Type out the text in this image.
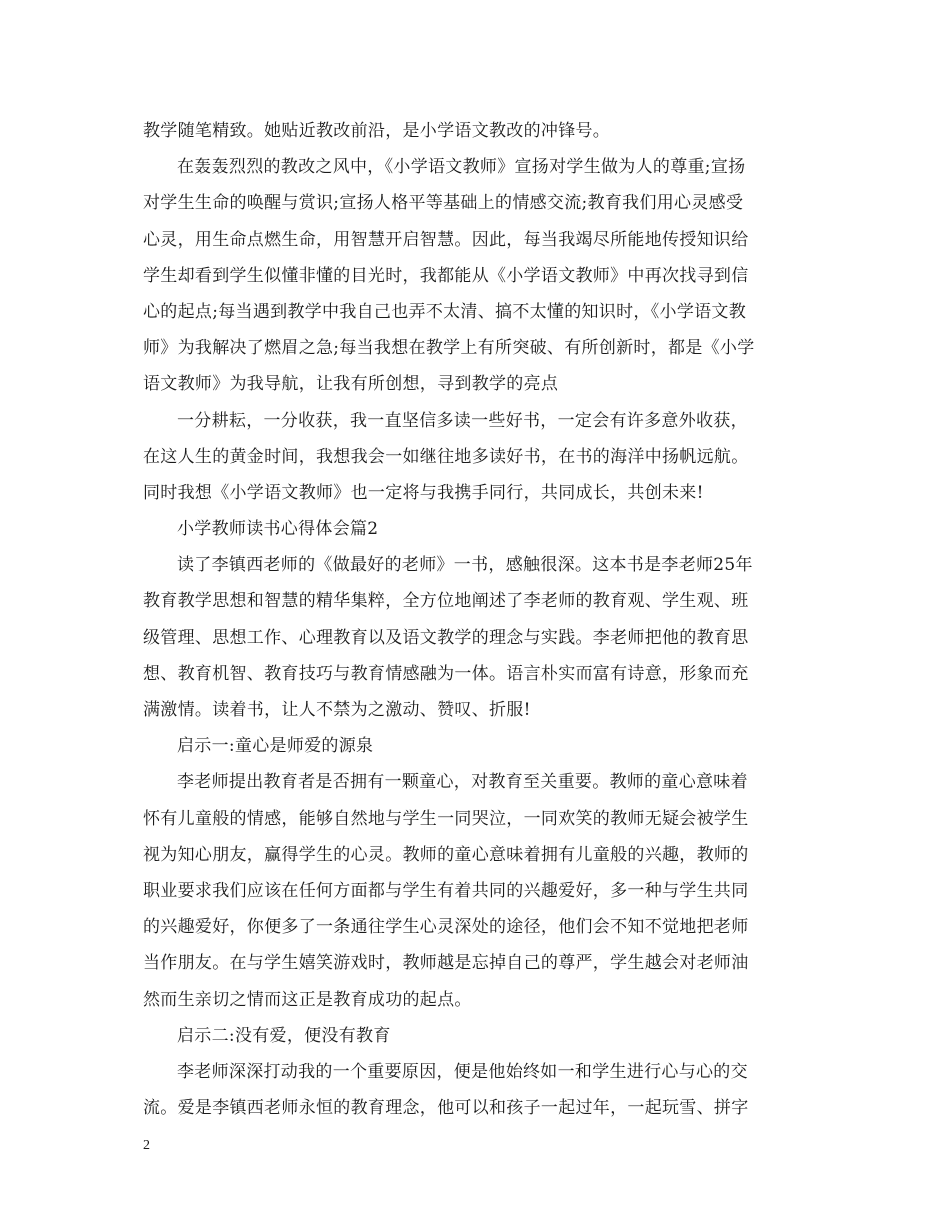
教学随笔精致。她贴近教改前沿，是小学语文教改的冲锋号。
在轰轰烈烈的教改之风中，《小学语文教师》宣扬对学生做为人的尊重;宣扬
对学生生命的唤醒与赏识;宣扬人格平等基础上的情感交流;教育我们用心灵感受
心灵，用生命点燃生命，用智慧开启智慧。因此，每当我竭尽所能地传授知识给
学生却看到学生似懂非懂的目光时，我都能从《小学语文教师》中再次找寻到信
心的起点;每当遇到教学中我自己也弄不太清、搞不太懂的知识时，《小学语文教
师》为我解决了燃眉之急;每当我想在教学上有所突破、有所创新时，都是《小学
语文教师》为我导航，让我有所创想，寻到教学的亮点
一分耕耘，一分收获，我一直坚信多读一些好书，一定会有许多意外收获，
在这人生的黄金时间，我想我会一如继往地多读好书，在书的海洋中扬帆远航。
同时我想《小学语文教师》也一定将与我携手同行，共同成长，共创未来!
小学教师读书心得体会篇2
读了李镇西老师的《做最好的老师》一书，感触很深。这本书是李老师25年
教育教学思想和智慧的精华集粹，全方位地阐述了李老师的教育观、学生观、班
级管理、思想工作、心理教育以及语文教学的理念与实践。李老师把他的教育思
想、教育机智、教育技巧与教育情感融为一体。语言朴实而富有诗意，形象而充
满激情。读着书，让人不禁为之激动、赞叹、折服!
启示一:童心是师爱的源泉
李老师提出教育者是否拥有一颗童心，对教育至关重要。教师的童心意味着
怀有儿童般的情感，能够自然地与学生一同哭泣，一同欢笑的教师无疑会被学生
视为知心朋友，赢得学生的心灵。教师的童心意味着拥有儿童般的兴趣，教师的
职业要求我们应该在任何方面都与学生有着共同的兴趣爱好，多一种与学生共同
的兴趣爱好，你便多了一条通往学生心灵深处的途径，他们会不知不觉地把老师
当作朋友。在与学生嬉笑游戏时，教师越是忘掉自己的尊严，学生越会对老师油
然而生亲切之情而这正是教育成功的起点。
启示二:没有爱，便没有教育
李老师深深打动我的一个重要原因，便是他始终如一和学生进行心与心的交
流。爱是李镇西老师永恒的教育理念，他可以和孩子一起过年，一起玩雪、拼字
2
